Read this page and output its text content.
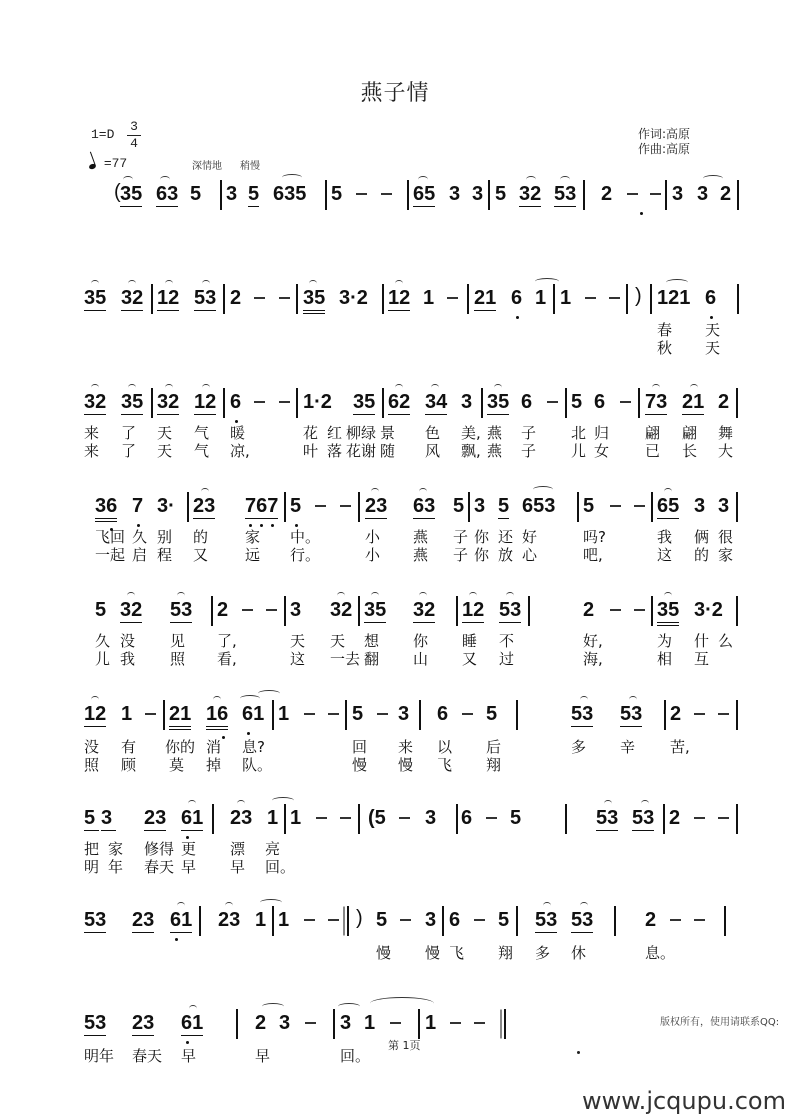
燕子情
1=D
3
4
=77	深情地 稍慢
作词:高原
作曲:高原
( 35 63 5 3 5 635 5	65 3 3 5 32 53 2	3 3 2
35 32 12 53 2	35 3·2 12 1 21 6 1 1	) 121 6
春 天
秋 天
32 35 32 12 6	1·2 35 62 34 3 35 6 5 6 73 21 2
来 了 天 气 暖	花 红 柳绿 景 色 美, 燕 子 北 归 翩 翩 舞
来 了 天 气 凉,	叶 落 花谢 随 风 飘, 燕 子 儿 女 已 长 大
36 7 3· 23 767 5	23 63 5 3 5 653 5	65 3 3
飞回 久 别 的 家 中。	小 燕 子 你 还 好	吗?	我 俩 很
一起 启 程 又 远 行。	小 燕 子 你 放 心	吧,	这 的 家
5 32 53 2	3 32 35 32 12 53	2	35 3·2
久 没 见 了,	天 天 想 你 睡 不	好,	为 什 么
儿 我 照 看,	这 一去 翻 山 又 过	海,	相 互
12 1 21 16 61 1	5 3 6 5	53 53 2
没 有 你的 消 息?	回 来 以 后	多 辛 苦,
照 顾 莫 掉 队。	慢 慢 飞 翔
5 3 23 61 23 1 1	(5 3 6 5	53 53 2
把 家 修得 更 漂 亮
明 年 春天 早 早 回。
53 23 61 23 1 1	) 5 3 6 5 53 53	2
慢 慢 飞 翔 多 休	息。
53 23 61	2 3 3 1 1
明年 春天 早	早	回。
第 1页
版权所有，使用请联系QQ:
www.jcqupu.com
